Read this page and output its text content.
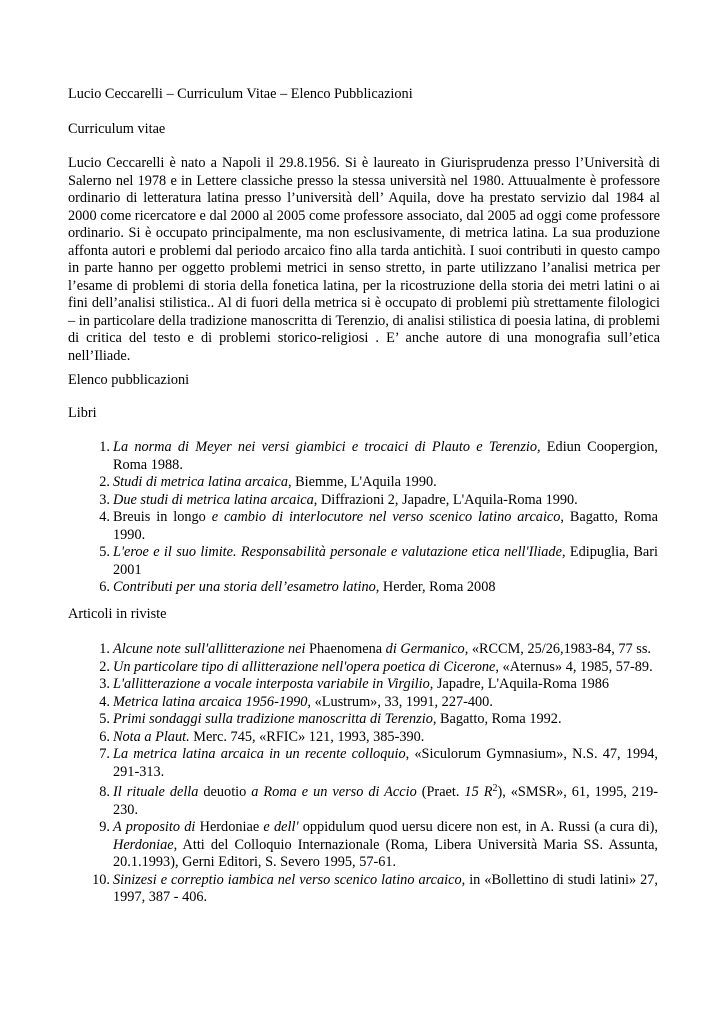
Lucio Ceccarelli – Curriculum Vitae – Elenco Pubblicazioni
Curriculum vitae
Lucio Ceccarelli è nato a Napoli il 29.8.1956. Si è laureato in Giurisprudenza presso l’Università di Salerno nel 1978 e in Lettere classiche presso la stessa università nel 1980. Attuualmente è professore ordinario di letteratura latina presso l’università dell’ Aquila, dove ha prestato servizio dal 1984 al 2000 come ricercatore e dal 2000 al 2005 come professore associato, dal 2005 ad oggi come professore ordinario. Si è occupato principalmente, ma non esclusivamente, di metrica latina. La sua produzione affonta autori e problemi dal periodo arcaico fino alla tarda antichità. I suoi contributi in questo campo in parte hanno per oggetto problemi metrici in senso stretto, in parte utilizzano l’analisi metrica per l’esame di problemi di storia della fonetica latina, per la ricostruzione della storia dei metri latini o ai fini dell’analisi stilistica.. Al di fuori della metrica si è occupato di problemi più strettamente filologici – in particolare della tradizione manoscritta di Terenzio, di analisi stilistica di poesia latina, di problemi di critica del testo e di problemi storico-religiosi . E’ anche autore di una monografia sull’etica nell’Iliade.
Elenco pubblicazioni
Libri
1. La norma di Meyer nei versi giambici e trocaici di Plauto e Terenzio, Ediun Coopergion, Roma 1988.
2. Studi di metrica latina arcaica, Biemme, L'Aquila 1990.
3. Due studi di metrica latina arcaica, Diffrazioni 2, Japadre, L'Aquila-Roma 1990.
4. Breuis in longo e cambio di interlocutore nel verso scenico latino arcaico, Bagatto, Roma 1990.
5. L'eroe e il suo limite. Responsabilità personale e valutazione etica nell'Iliade, Edipuglia, Bari 2001
6. Contributi per una storia dell’esametro latino, Herder, Roma 2008
Articoli in riviste
1. Alcune note sull'allitterazione nei Phaenomena di Germanico, «RCCM, 25/26,1983-84, 77 ss.
2. Un particolare tipo di allitterazione nell'opera poetica di Cicerone, «Aternus» 4, 1985, 57-89.
3. L'allitterazione a vocale interposta variabile in Virgilio, Japadre, L'Aquila-Roma 1986
4. Metrica latina arcaica 1956-1990, «Lustrum», 33, 1991, 227-400.
5. Primi sondaggi sulla tradizione manoscritta di Terenzio, Bagatto, Roma 1992.
6. Nota a Plaut. Merc. 745, «RFIC» 121, 1993, 385-390.
7. La metrica latina arcaica in un recente colloquio, «Siculorum Gymnasium», N.S. 47, 1994, 291-313.
8. Il rituale della deuotio a Roma e un verso di Accio (Praet. 15 $R^2$), «SMSR», 61, 1995, 219-230.
9. A proposito di Herdoniae e dell' oppidulum quod uersu dicere non est, in A. Russi (a cura di), Herdoniae, Atti del Colloquio Internazionale (Roma, Libera Università Maria SS. Assunta, 20.1.1993), Gerni Editori, S. Severo 1995, 57-61.
10. Sinizesi e correptio iambica nel verso scenico latino arcaico, in «Bollettino di studi latini» 27, 1997, 387 - 406.
